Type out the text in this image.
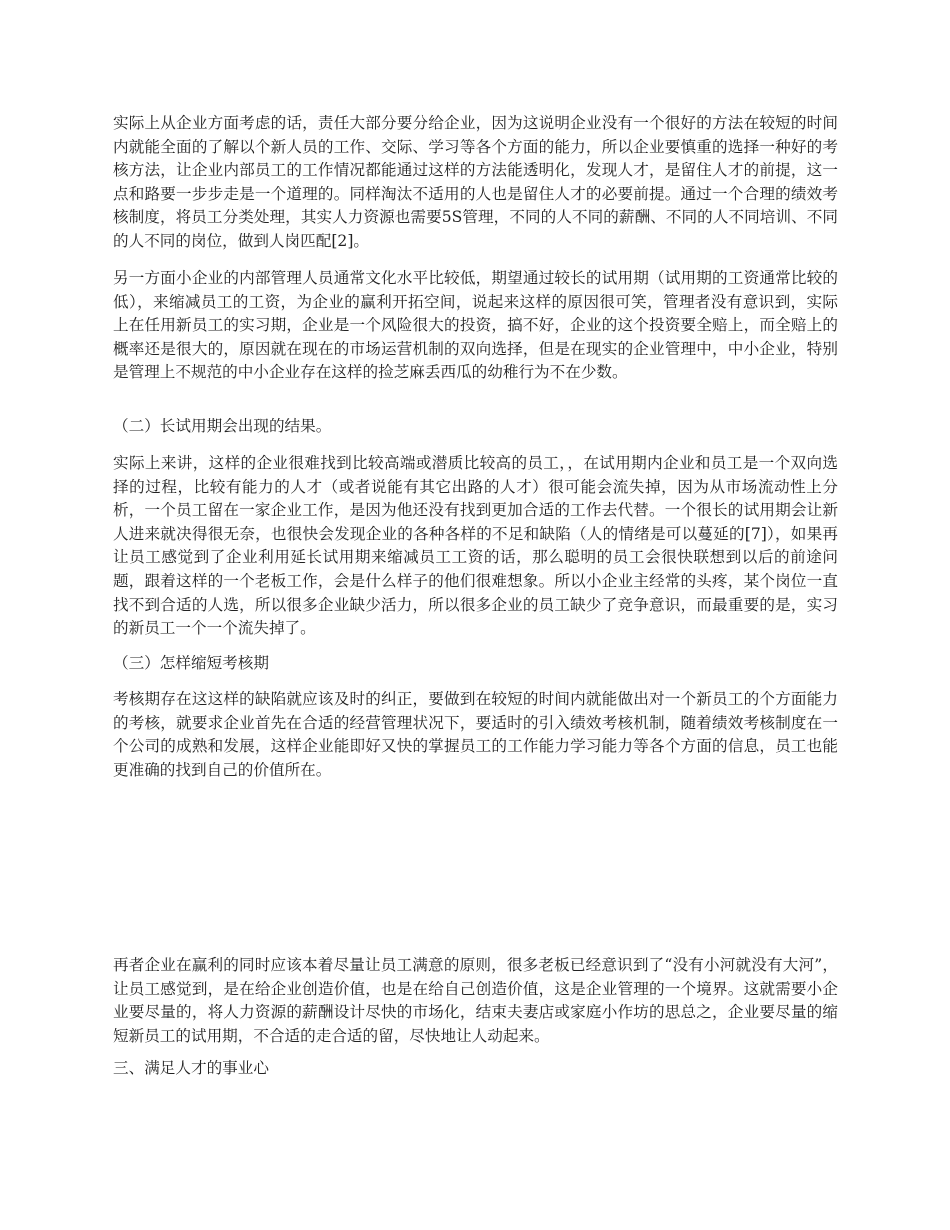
实际上从企业方面考虑的话，责任大部分要分给企业，因为这说明企业没有一个很好的方法在较短的时间内就能全面的了解以个新人员的工作、交际、学习等各个方面的能力，所以企业要慎重的选择一种好的考核方法，让企业内部员工的工作情况都能通过这样的方法能透明化，发现人才，是留住人才的前提，这一点和路要一步步走是一个道理的。同样淘汰不适用的人也是留住人才的必要前提。通过一个合理的绩效考核制度，将员工分类处理，其实人力资源也需要5S管理，不同的人不同的薪酬、不同的人不同培训、不同的人不同的岗位，做到人岗匹配[2]。

另一方面小企业的内部管理人员通常文化水平比较低，期望通过较长的试用期（试用期的工资通常比较的低），来缩减员工的工资，为企业的赢利开拓空间，说起来这样的原因很可笑，管理者没有意识到，实际上在任用新员工的实习期，企业是一个风险很大的投资，搞不好，企业的这个投资要全赔上，而全赔上的概率还是很大的，原因就在现在的市场运营机制的双向选择，但是在现实的企业管理中，中小企业，特别是管理上不规范的中小企业存在这样的捡芝麻丢西瓜的幼稚行为不在少数。

（二）长试用期会出现的结果。

实际上来讲，这样的企业很难找到比较高端或潜质比较高的员工，，在试用期内企业和员工是一个双向选择的过程，比较有能力的人才（或者说能有其它出路的人才）很可能会流失掉，因为从市场流动性上分析，一个员工留在一家企业工作，是因为他还没有找到更加合适的工作去代替。一个很长的试用期会让新人进来就决得很无奈，也很快会发现企业的各种各样的不足和缺陷（人的情绪是可以蔓延的[7]），如果再让员工感觉到了企业利用延长试用期来缩减员工工资的话，那么聪明的员工会很快联想到以后的前途问题，跟着这样的一个老板工作，会是什么样子的他们很难想象。所以小企业主经常的头疼，某个岗位一直找不到合适的人选，所以很多企业缺少活力，所以很多企业的员工缺少了竞争意识，而最重要的是，实习的新员工一个一个流失掉了。

（三）怎样缩短考核期

考核期存在这这样的缺陷就应该及时的纠正，要做到在较短的时间内就能做出对一个新员工的个方面能力的考核，就要求企业首先在合适的经营管理状况下，要适时的引入绩效考核机制，随着绩效考核制度在一个公司的成熟和发展，这样企业能即好又快的掌握员工的工作能力学习能力等各个方面的信息，员工也能更准确的找到自己的价值所在。

再者企业在赢利的同时应该本着尽量让员工满意的原则，很多老板已经意识到了“没有小河就没有大河”，让员工感觉到，是在给企业创造价值，也是在给自己创造价值，这是企业管理的一个境界。这就需要小企业要尽量的，将人力资源的薪酬设计尽快的市场化，结束夫妻店或家庭小作坊的思总之，企业要尽量的缩短新员工的试用期，不合适的走合适的留，尽快地让人动起来。

三、满足人才的事业心
